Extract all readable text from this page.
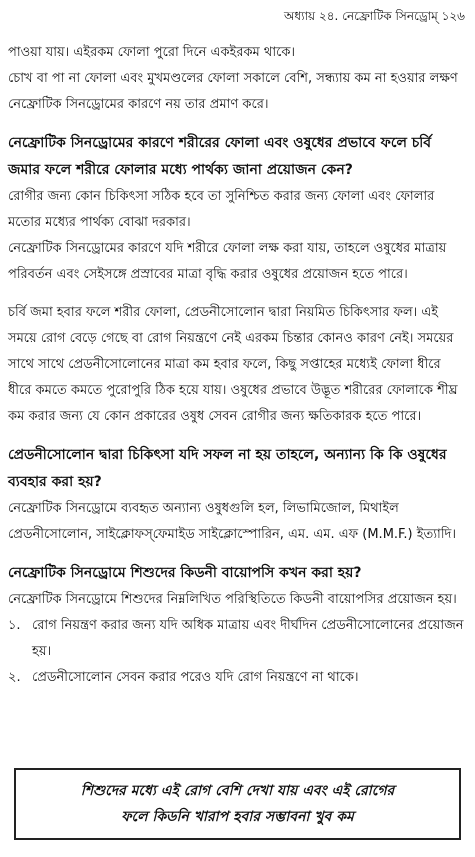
অধ্যায় ২৪. নেফ্রোটিক সিনড্রোম্‌ ১২৬

পাওয়া যায়। এইরকম ফোলা পুরো দিনে একইরকম থাকে।

চোখ বা পা না ফোলা এবং মুখমণ্ডলের ফোলা সকালে বেশি, সন্ধ্যায় কম না হওয়ার লক্ষণ নেফ্রোটিক সিনড্রোমের কারণে নয় তার প্রমাণ করে।

নেফ্রোটিক সিনড্রোমের কারণে শরীরের ফোলা এবং ওষুধের প্রভাবে ফলে চর্বি জমার ফলে শরীরে ফোলার মধ্যে পার্থক্য জানা প্রয়োজন কেন?

রোগীর জন্য কোন চিকিৎসা সঠিক হবে তা সুনিশ্চিত করার জন্য ফোলা এবং ফোলার মতোর মধ্যের পার্থক্য বোঝা দরকার।

নেফ্রোটিক সিনড্রোমের কারণে যদি শরীরে ফোলা লক্ষ করা যায়, তাহলে ওষুধের মাত্রায় পরিবর্তন এবং সেইসঙ্গে প্রস্রাবের মাত্রা বৃদ্ধি করার ওষুধের প্রয়োজন হতে পারে।

চর্বি জমা হবার ফলে শরীর ফোলা, প্রেডনীসোলোন দ্বারা নিয়মিত চিকিৎসার ফল। এই সময়ে রোগ বেড়ে গেছে বা রোগ নিয়ন্ত্রণে নেই এরকম চিন্তার কোনও কারণ নেই। সময়ের সাথে সাথে প্রেডনীসোলোনের মাত্রা কম হবার ফলে, কিছু সপ্তাহের মধ্যেই ফোলা ধীরে ধীরে কমতে কমতে পুরোপুরি ঠিক হয়ে যায়। ওষুধের প্রভাবে উদ্ভূত শরীরের ফোলাকে শীঘ্র কম করার জন্য যে কোন প্রকারের ওষুধ সেবন রোগীর জন্য ক্ষতিকারক হতে পারে।

প্রেডনীসোলোন দ্বারা চিকিৎসা যদি সফল না হয় তাহলে, অন্যান্য কি কি ওষুধের ব্যবহার করা হয়?

নেফ্রোটিক সিনড্রোমে ব্যবহৃত অন্যান্য ওষুধগুলি হল, লিভামিজোল, মিথাইল প্রেডনীসোলোন, সাইক্লোফস্‌ফেমাইড সাইক্লোস্পোরিন, এম. এম. এফ (M.M.F.) ইত্যাদি।

নেফ্রোটিক সিনড্রোমে শিশুদের কিডনী বায়োপসি কখন করা হয়?

নেফ্রোটিক সিনড্রোমে শিশুদের নিম্নলিখিত পরিস্থিতিতে কিডনী বায়োপসির প্রয়োজন হয়।

১. রোগ নিয়ন্ত্রণ করার জন্য যদি অধিক মাত্রায় এবং দীর্ঘদিন প্রেডনীসোলোনের প্রয়োজন হয়।
২. প্রেডনীসোলোন সেবন করার পরেও যদি রোগ নিয়ন্ত্রণে না থাকে।

শিশুদের মধ্যে এই রোগ বেশি দেখা যায় এবং এই রোগের

ফলে কিডনি খারাপ হবার সম্ভাবনা খুব কম
